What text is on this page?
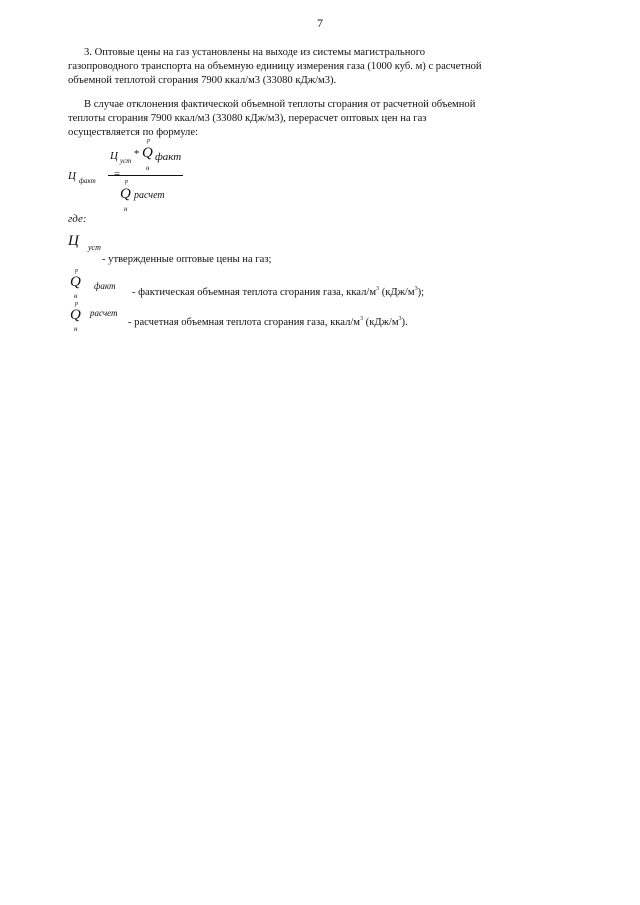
7

3. Оптовые цены на газ установлены на выходе из системы магистрального газопроводного транспорта на объемную единицу измерения газа (1000 куб. м) с расчетной объемной теплотой сгорания 7900 ккал/м3 (33080 кДж/м3).

В случае отклонения фактической объемной теплоты сгорания от расчетной объемной теплоты сгорания 7900 ккал/м3 (33080 кДж/м3), перерасчет оптовых цен на газ осуществляется по формуле:

Ц факт
=
Ц уст
*
р
Q
н
факт
р
Q
н
расчет
где:
Ц уст
- утвержденные оптовые цены на газ;
р
Q
н
факт
- фактическая объемная теплота сгорания газа, ккал/$м^3$ $(кДж/м^3)$;
р
Q
н
расчет
- расчетная объемная теплота сгорания газа, ккал/$м^3$ $(кДж/м^3)$.
